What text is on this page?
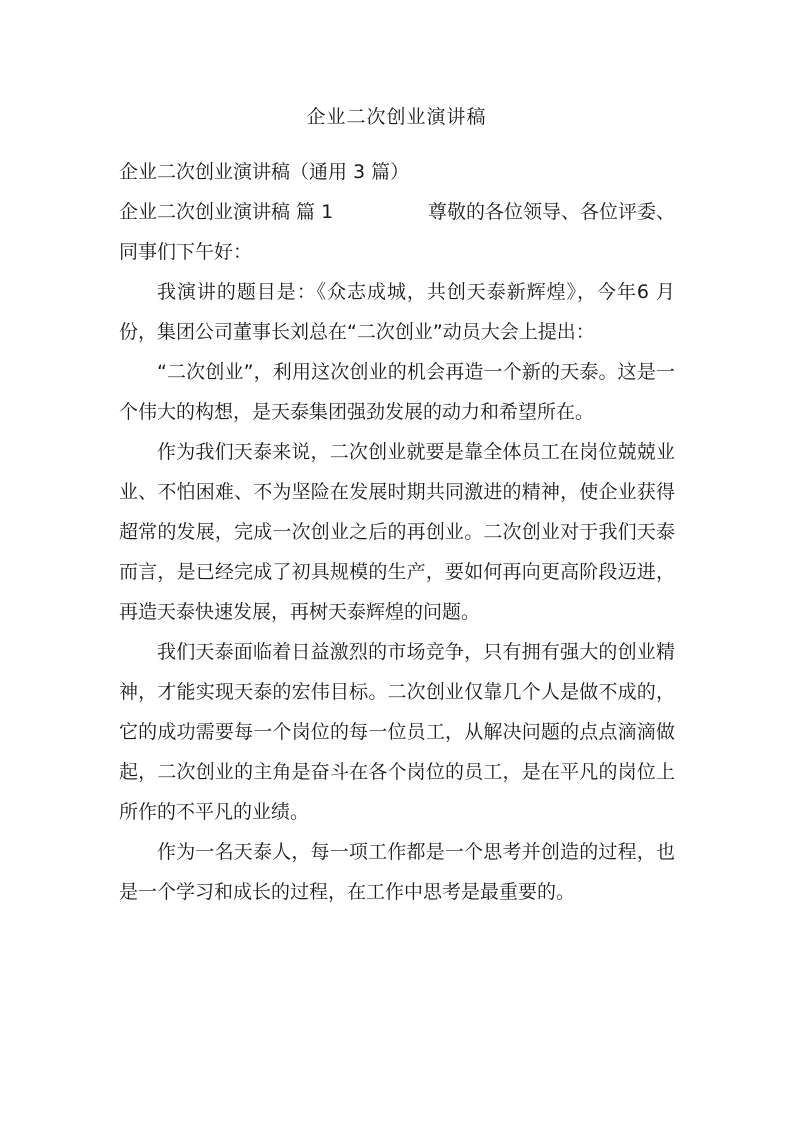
企业二次创业演讲稿
企业二次创业演讲稿（通用 3 篇）
企业二次创业演讲稿 篇 1	尊敬的各位领导、各位评委、
同事们下午好：

我演讲的题目是：《众志成城，共创天泰新辉煌》，今年6 月份，集团公司董事长刘总在“二次创业”动员大会上提出：

“二次创业”，利用这次创业的机会再造一个新的天泰。这是一个伟大的构想，是天泰集团强劲发展的动力和希望所在。

作为我们天泰来说，二次创业就要是靠全体员工在岗位兢兢业业、不怕困难、不为坚险在发展时期共同激进的精神，使企业获得超常的发展，完成一次创业之后的再创业。二次创业对于我们天泰而言，是已经完成了初具规模的生产，要如何再向更高阶段迈进，再造天泰快速发展，再树天泰辉煌的问题。

我们天泰面临着日益激烈的市场竞争，只有拥有强大的创业精神，才能实现天泰的宏伟目标。二次创业仅靠几个人是做不成的，它的成功需要每一个岗位的每一位员工，从解决问题的点点滴滴做起，二次创业的主角是奋斗在各个岗位的员工，是在平凡的岗位上所作的不平凡的业绩。

作为一名天泰人，每一项工作都是一个思考并创造的过程，也是一个学习和成长的过程，在工作中思考是最重要的。
